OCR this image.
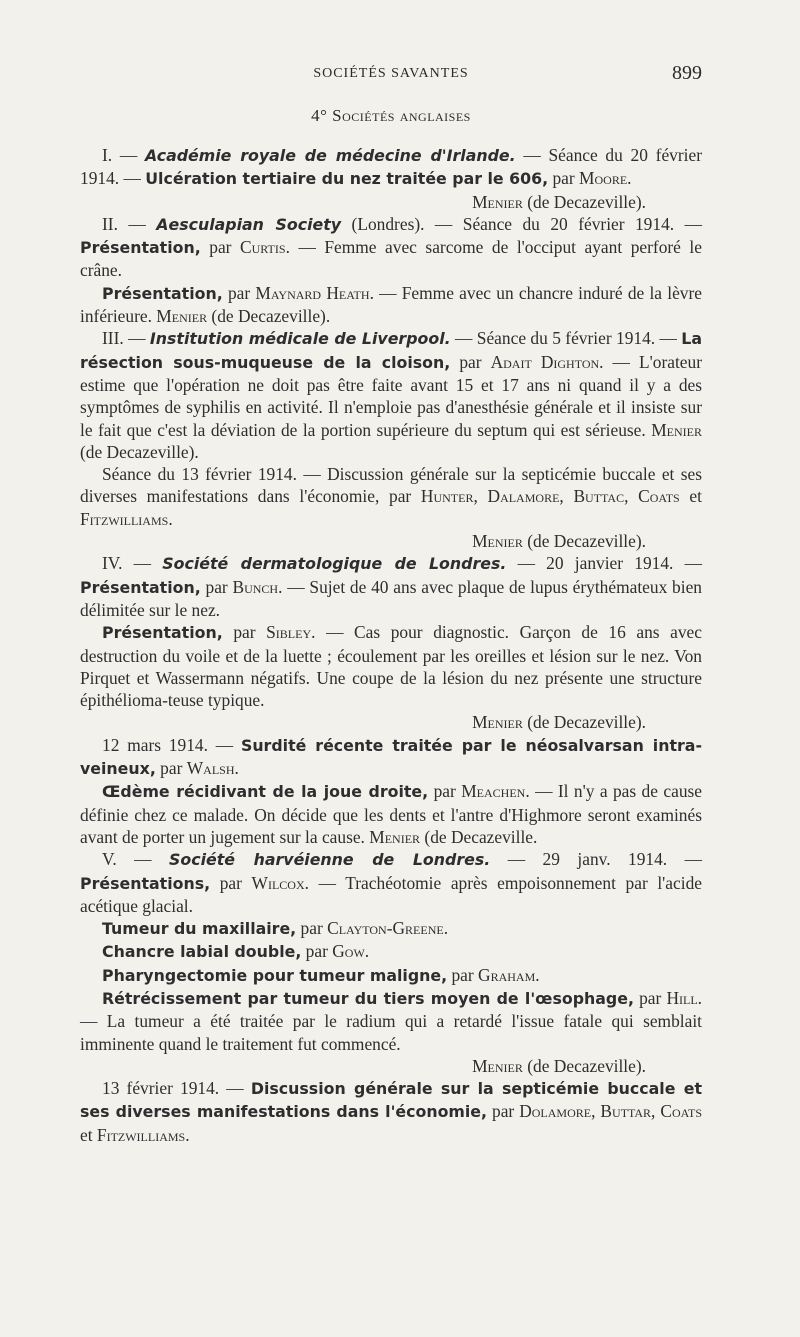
SOCIÉTÉS SAVANTES	899
4° Sociétés anglaises

I. — Académie royale de médecine d'Irlande. — Séance du 20 février 1914. — Ulcération tertiaire du nez traitée par le 606, par Moore.

Menier (de Decazeville).

II. — Aesculapian Society (Londres). — Séance du 20 février 1914. — Présentation, par Curtis. — Femme avec sarcome de l'occiput ayant perforé le crâne.

Présentation, par Maynard Heath. — Femme avec un chancre induré de la lèvre inférieure. Menier (de Decazeville).

III. — Institution médicale de Liverpool. — Séance du 5 février 1914. — La résection sous-muqueuse de la cloison, par Adait Dighton. — L'orateur estime que l'opération ne doit pas être faite avant 15 et 17 ans ni quand il y a des symptômes de syphilis en activité. Il n'emploie pas d'anesthésie générale et il insiste sur le fait que c'est la déviation de la portion supérieure du septum qui est sérieuse. Menier (de Decazeville).

Séance du 13 février 1914. — Discussion générale sur la septicémie buccale et ses diverses manifestations dans l'économie, par Hunter, Dalamore, Buttac, Coats et Fitzwilliams.

Menier (de Decazeville).

IV. — Société dermatologique de Londres. — 20 janvier 1914. — Présentation, par Bunch. — Sujet de 40 ans avec plaque de lupus érythémateux bien délimitée sur le nez.

Présentation, par Sibley. — Cas pour diagnostic. Garçon de 16 ans avec destruction du voile et de la luette ; écoulement par les oreilles et lésion sur le nez. Von Pirquet et Wassermann négatifs. Une coupe de la lésion du nez présente une structure épithélioma-teuse typique.

Menier (de Decazeville).

12 mars 1914. — Surdité récente traitée par le néosalvarsan intra-veineux, par Walsh.

Œdème récidivant de la joue droite, par Meachen. — Il n'y a pas de cause définie chez ce malade. On décide que les dents et l'antre d'Highmore seront examinés avant de porter un jugement sur la cause. Menier (de Decazeville.

V. — Société harvéienne de Londres. — 29 janv. 1914. — Présentations, par Wilcox. — Trachéotomie après empoisonnement par l'acide acétique glacial.

Tumeur du maxillaire, par Clayton-Greene.

Chancre labial double, par Gow.

Pharyngectomie pour tumeur maligne, par Graham.

Rétrécissement par tumeur du tiers moyen de l'œsophage, par Hill. — La tumeur a été traitée par le radium qui a retardé l'issue fatale qui semblait imminente quand le traitement fut commencé.

Menier (de Decazeville).

13 février 1914. — Discussion générale sur la septicémie buccale et ses diverses manifestations dans l'économie, par Dolamore, Buttar, Coats et Fitzwilliams.
